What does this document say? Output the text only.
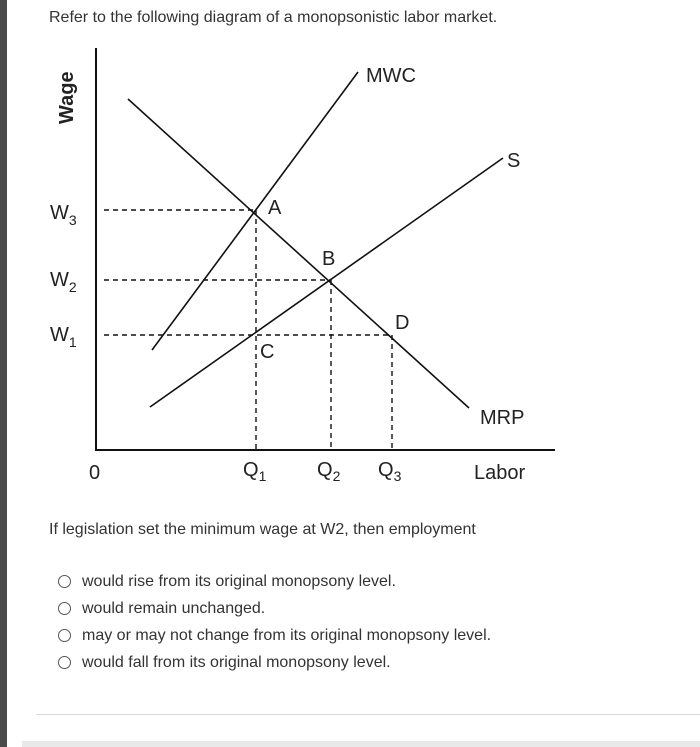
Refer to the following diagram of a monopsonistic labor market.
Wage
Labor
0
$W_3$
$W_2$
$W_1$
$Q_1$	$Q_2$ $Q_3$
MWC
S
MRP
A
B
C
D
If legislation set the minimum wage at W2, then employment
would rise from its original monopsony level.
would remain unchanged.
may or may not change from its original monopsony level.
would fall from its original monopsony level.
